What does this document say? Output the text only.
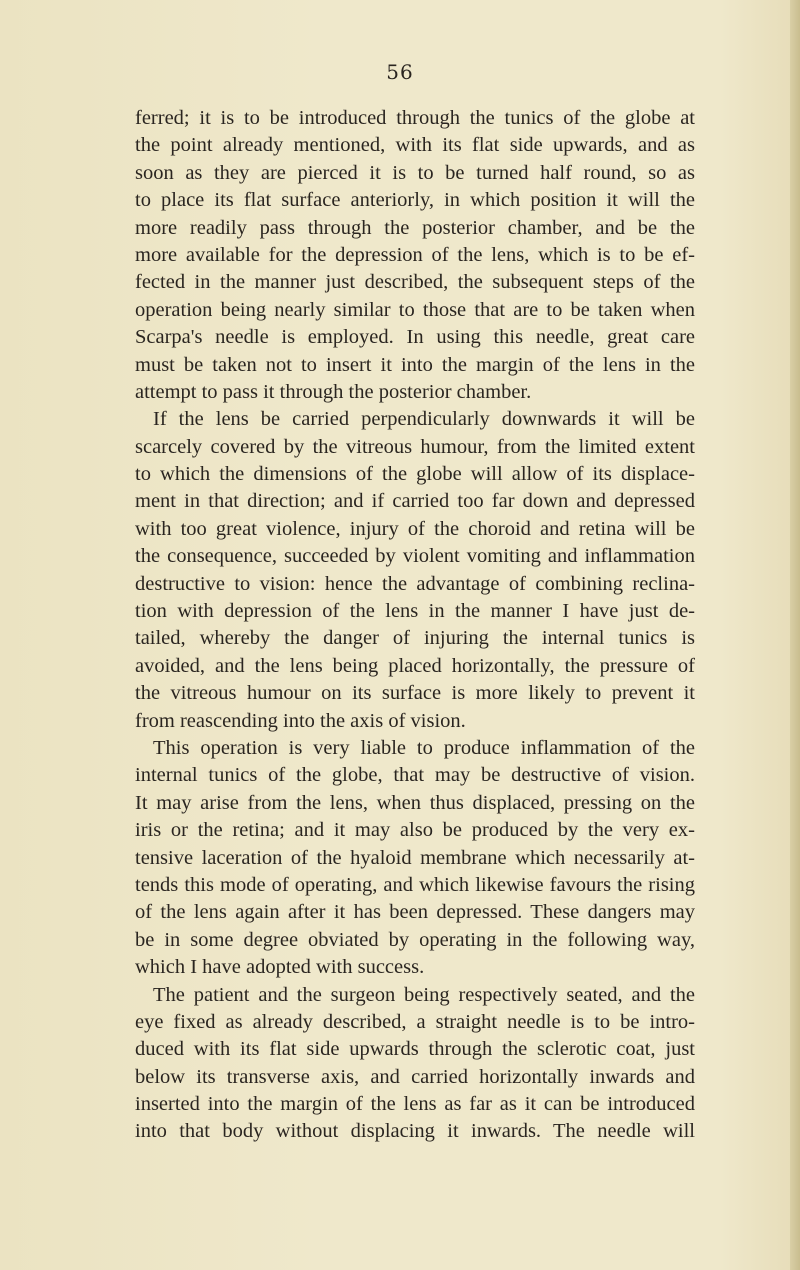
56
ferred; it is to be introduced through the tunics of the globe at
the point already mentioned, with its flat side upwards, and as
soon as they are pierced it is to be turned half round, so as
to place its flat surface anteriorly, in which position it will the
more readily pass through the posterior chamber, and be the
more available for the depression of the lens, which is to be ef-
fected in the manner just described, the subsequent steps of the
operation being nearly similar to those that are to be taken when
Scarpa's needle is employed. In using this needle, great care
must be taken not to insert it into the margin of the lens in the
attempt to pass it through the posterior chamber.
If the lens be carried perpendicularly downwards it will be
scarcely covered by the vitreous humour, from the limited extent
to which the dimensions of the globe will allow of its displace-
ment in that direction; and if carried too far down and depressed
with too great violence, injury of the choroid and retina will be
the consequence, succeeded by violent vomiting and inflammation
destructive to vision: hence the advantage of combining reclina-
tion with depression of the lens in the manner I have just de-
tailed, whereby the danger of injuring the internal tunics is
avoided, and the lens being placed horizontally, the pressure of
the vitreous humour on its surface is more likely to prevent it
from reascending into the axis of vision.
This operation is very liable to produce inflammation of the
internal tunics of the globe, that may be destructive of vision.
It may arise from the lens, when thus displaced, pressing on the
iris or the retina; and it may also be produced by the very ex-
tensive laceration of the hyaloid membrane which necessarily at-
tends this mode of operating, and which likewise favours the rising
of the lens again after it has been depressed. These dangers may
be in some degree obviated by operating in the following way,
which I have adopted with success.
The patient and the surgeon being respectively seated, and the
eye fixed as already described, a straight needle is to be intro-
duced with its flat side upwards through the sclerotic coat, just
below its transverse axis, and carried horizontally inwards and
inserted into the margin of the lens as far as it can be introduced
into that body without displacing it inwards. The needle will
